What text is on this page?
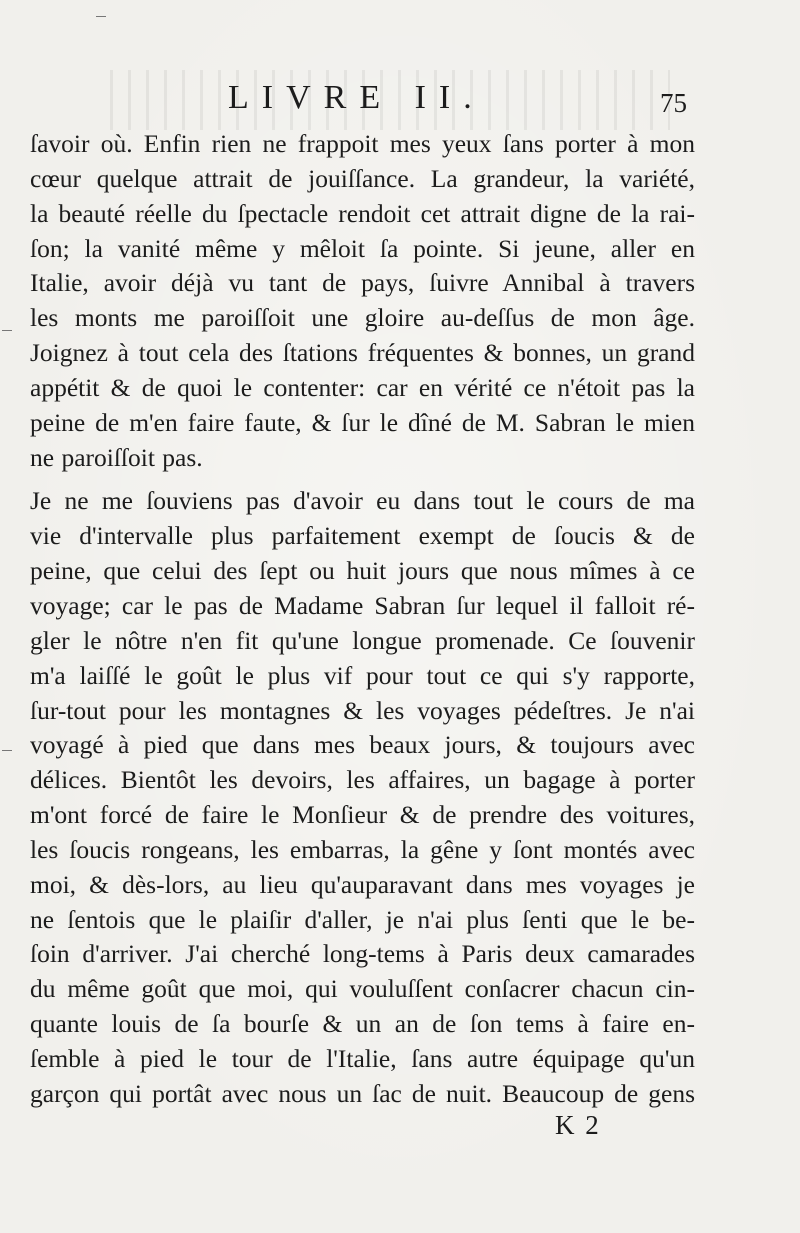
LIVRE II.	75
ſavoir où. Enfin rien ne frappoit mes yeux ſans porter à mon
cœur quelque attrait de jouiſſance. La grandeur, la variété,
la beauté réelle du ſpectacle rendoit cet attrait digne de la rai-
ſon; la vanité même y mêloit ſa pointe. Si jeune, aller en
Italie, avoir déjà vu tant de pays, ſuivre Annibal à travers
les monts me paroiſſoit une gloire au-deſſus de mon âge.
Joignez à tout cela des ſtations fréquentes & bonnes, un grand
appétit & de quoi le contenter: car en vérité ce n'étoit pas la
peine de m'en faire faute, & ſur le dîné de M. Sabran le mien
ne paroiſſoit pas.
Je ne me ſouviens pas d'avoir eu dans tout le cours de ma
vie d'intervalle plus parfaitement exempt de ſoucis & de
peine, que celui des ſept ou huit jours que nous mîmes à ce
voyage; car le pas de Madame Sabran ſur lequel il falloit ré-
gler le nôtre n'en fit qu'une longue promenade. Ce ſouvenir
m'a laiſſé le goût le plus vif pour tout ce qui s'y rapporte,
ſur-tout pour les montagnes & les voyages pédeſtres. Je n'ai
voyagé à pied que dans mes beaux jours, & toujours avec
délices. Bientôt les devoirs, les affaires, un bagage à porter
m'ont forcé de faire le Monſieur & de prendre des voitures,
les ſoucis rongeans, les embarras, la gêne y ſont montés avec
moi, & dès-lors, au lieu qu'auparavant dans mes voyages je
ne ſentois que le plaiſir d'aller, je n'ai plus ſenti que le be-
ſoin d'arriver. J'ai cherché long-tems à Paris deux camarades
du même goût que moi, qui vouluſſent conſacrer chacun cin-
quante louis de ſa bourſe & un an de ſon tems à faire en-
ſemble à pied le tour de l'Italie, ſans autre équipage qu'un
garçon qui portât avec nous un ſac de nuit. Beaucoup de gens
K 2
